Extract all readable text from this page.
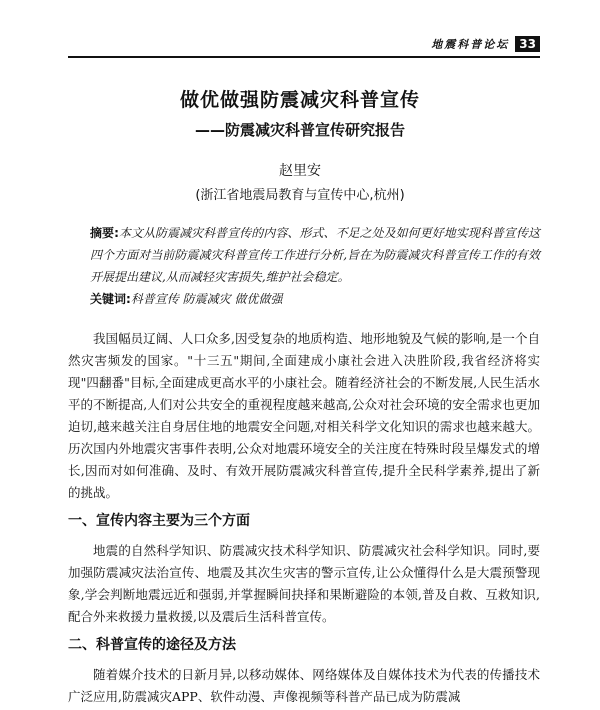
地震科普论坛 33
做优做强防震减灾科普宣传
——防震减灾科普宣传研究报告
赵里安
(浙江省地震局教育与宣传中心,杭州)

摘要:本文从防震减灾科普宣传的内容、形式、不足之处及如何更好地实现科普宣传这四个方面对当前防震减灾科普宣传工作进行分析,旨在为防震减灾科普宣传工作的有效开展提出建议,从而减轻灾害损失,维护社会稳定。

关键词:科普宣传 防震减灾 做优做强

我国幅员辽阔、人口众多,因受复杂的地质构造、地形地貌及气候的影响,是一个自然灾害频发的国家。"十三五"期间,全面建成小康社会进入决胜阶段,我省经济将实现"四翻番"目标,全面建成更高水平的小康社会。随着经济社会的不断发展,人民生活水平的不断提高,人们对公共安全的重视程度越来越高,公众对社会环境的安全需求也更加迫切,越来越关注自身居住地的地震安全问题,对相关科学文化知识的需求也越来越大。历次国内外地震灾害事件表明,公众对地震环境安全的关注度在特殊时段呈爆发式的增长,因而对如何准确、及时、有效开展防震减灾科普宣传,提升全民科学素养,提出了新的挑战。

一、宣传内容主要为三个方面

地震的自然科学知识、防震减灾技术科学知识、防震减灾社会科学知识。同时,要加强防震减灾法治宣传、地震及其次生灾害的警示宣传,让公众懂得什么是大震预警现象,学会判断地震远近和强弱,并掌握瞬间抉择和果断避险的本领,普及自救、互救知识,配合外来救援力量救援,以及震后生活科普宣传。

二、科普宣传的途径及方法

随着媒介技术的日新月异,以移动媒体、网络媒体及自媒体技术为代表的传播技术广泛应用,防震减灾APP、软件动漫、声像视频等科普产品已成为防震减
